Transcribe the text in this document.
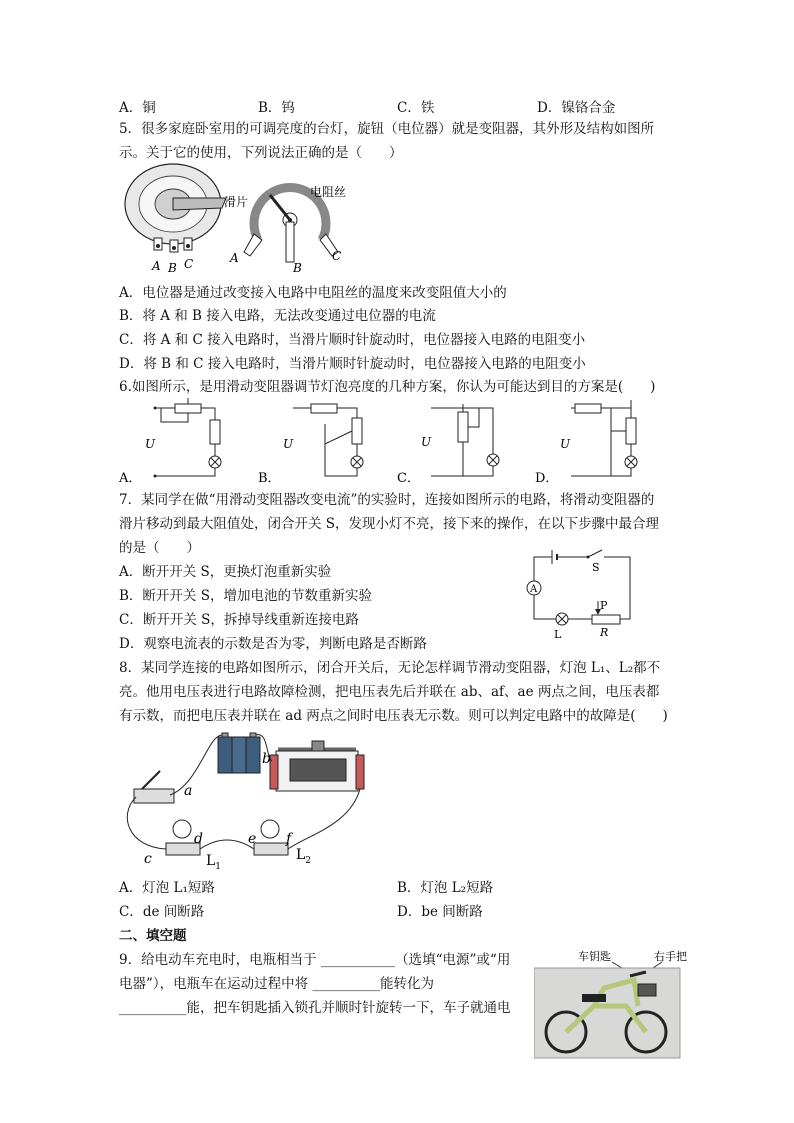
A．铜	B．钨	C．铁	D．镍铬合金
5．很多家庭卧室用的可调亮度的台灯，旋钮（电位器）就是变阻器，其外形及结构如图所
示。关于它的使用，下列说法正确的是（　　）
A B C
滑片
电阻丝
A
B
C
A．电位器是通过改变接入电路中电阻丝的温度来改变阻值大小的
B．将 A 和 B 接入电路，无法改变通过电位器的电流
C．将 A 和 C 接入电路时，当滑片顺时针旋动时，电位器接入电路的电阻变小
D．将 B 和 C 接入电路时，当滑片顺时针旋动时，电位器接入电路的电阻变小
6.如图所示，是用滑动变阻器调节灯泡亮度的几种方案，你认为可能达到目的方案是(　　)
A．
U
B．
U
C．
U
D．
U
7．某同学在做“用滑动变阻器改变电流”的实验时，连接如图所示的电路，将滑动变阻器的
滑片移动到最大阻值处，闭合开关 S，发现小灯不亮，接下来的操作，在以下步骤中最合理
的是（　　）
A．断开开关 S，更换灯泡重新实验
B．断开开关 S，增加电池的节数重新实验
C．断开开关 S，拆掉导线重新连接电路
D．观察电流表的示数是否为零，判断电路是否断路
S
A
L
P
R
8．某同学连接的电路如图所示，闭合开关后，无论怎样调节滑动变阻器，灯泡 L₁、L₂都不
亮。他用电压表进行电路故障检测，把电压表先后并联在 ab、af、ae 两点之间，电压表都
有示数，而把电压表并联在 ad 两点之间时电压表无示数。则可以判定电路中的故障是(　　)
a
b
c
d	e f
$L_1$
$L_2$
A．灯泡 L₁短路	B．灯泡 L₂短路
C．de 间断路	D．be 间断路
二、填空题
9．给电动车充电时，电瓶相当于 ___________（选填“电源”或“用
电器”），电瓶车在运动过程中将 __________能转化为
__________能，把车钥匙插入锁孔并顺时针旋转一下，车子就通电
车钥匙	右手把
